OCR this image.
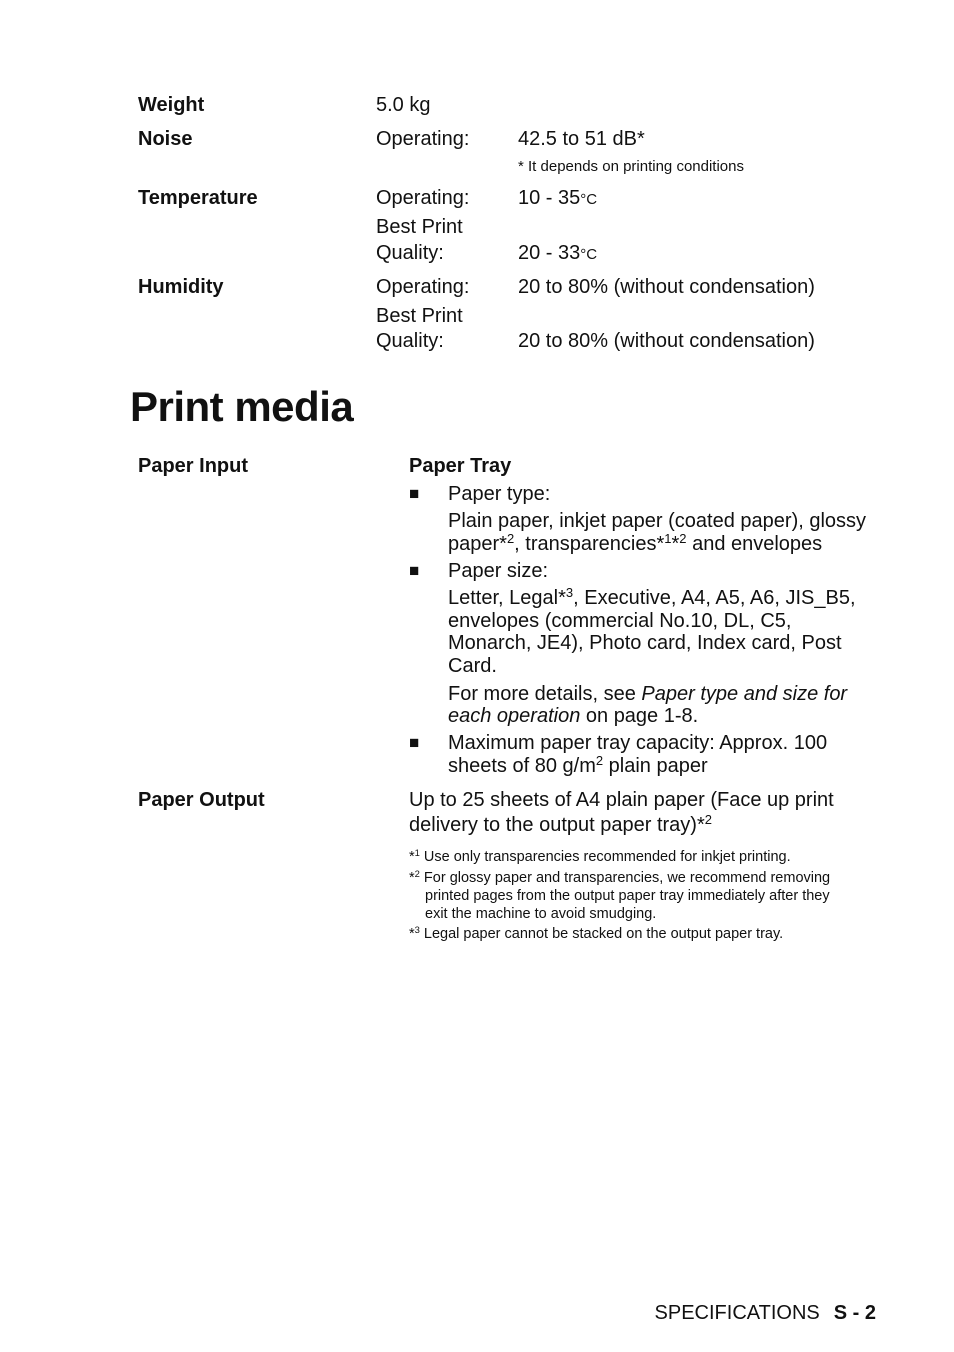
Weight	5.0 kg
Noise	Operating: 42.5 to 51 dB*
* It depends on printing conditions
Temperature	Operating: 10 - 35°C
Best Print
Quality:	20 - 33°C
Humidity	Operating: 20 to 80% (without condensation)
Best Print
Quality:	20 to 80% (without condensation)
Print media
Paper Input	Paper Tray
■ Paper type:
Plain paper, inkjet paper (coated paper), glossy
paper*$^2$, transparencies*$^1$*$^2$ and envelopes
■ Paper size:
Letter, Legal*$^3$, Executive, A4, A5, A6, JIS_B5,
envelopes (commercial No.10, DL, C5,
Monarch, JE4), Photo card, Index card, Post
Card.
For more details, see Paper type and size for
each operation on page 1-8.
■ Maximum paper tray capacity: Approx. 100
sheets of 80 $g/m^2$ plain paper
Paper Output	Up to 25 sheets of A4 plain paper (Face up print
delivery to the output paper tray)*$^2$
*$^1$ Use only transparencies recommended for inkjet printing.
*$^2$ For glossy paper and transparencies, we recommend removing
printed pages from the output paper tray immediately after they
exit the machine to avoid smudging.
*$^3$ Legal paper cannot be stacked on the output paper tray.
SPECIFICATIONS S - 2
